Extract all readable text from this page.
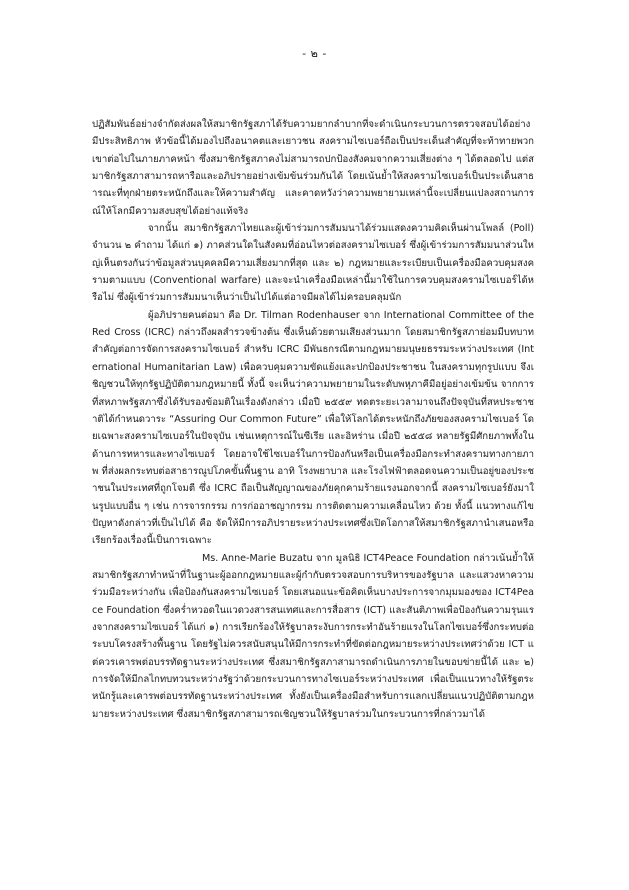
- ๒ -

ปฏิสัมพันธ์อย่างจำกัดส่งผลให้สมาชิกรัฐสภาได้รับความยากลำบากที่จะดำเนินกระบวนการตรวจสอบได้อย่างมีประสิทธิภาพ หัวข้อนี้ได้มองไปถึงอนาคตและเยาวชน สงครามไซเบอร์ถือเป็นประเด็นสำคัญที่จะท้าทายพวกเขาต่อไปในภายภาคหน้า ซึ่งสมาชิกรัฐสภาคงไม่สามารถปกป้องสังคมจากความเสี่ยงต่าง ๆ ได้ตลอดไป แต่สมาชิกรัฐสภาสามารถหารือและอภิปรายอย่างเข้มข้นร่วมกันได้ โดยเน้นย้ำให้สงครามไซเบอร์เป็นประเด็นสาธารณะที่ทุกฝ่ายตระหนักถึงและให้ความสำคัญ และคาดหวังว่าความพยายามเหล่านี้จะเปลี่ยนแปลงสถานการณ์ให้โลกมีความสงบสุขได้อย่างแท้จริง

จากนั้น สมาชิกรัฐสภาไทยและผู้เข้าร่วมการสัมมนาได้ร่วมแสดงความคิดเห็นผ่านโพลล์ (Poll) จำนวน ๒ คำถาม ได้แก่ ๑) ภาคส่วนใดในสังคมที่อ่อนไหวต่อสงครามไซเบอร์ ซึ่งผู้เข้าร่วมการสัมมนาส่วนใหญ่เห็นตรงกันว่าข้อมูลส่วนบุคคลมีความเสี่ยงมากที่สุด และ ๒) กฎหมายและระเบียบเป็นเครื่องมือควบคุมสงครามตามแบบ (Conventional warfare) และจะนำเครื่องมือเหล่านี้มาใช้ในการควบคุมสงครามไซเบอร์ได้หรือไม่ ซึ่งผู้เข้าร่วมการสัมมนาเห็นว่าเป็นไปได้แต่อาจมีผลได้ไม่ครอบคลุมนัก

ผู้อภิปรายคนต่อมา คือ Dr. Tilman Rodenhauser จาก International Committee of the Red Cross (ICRC) กล่าวถึงผลสำรวจข้างต้น ซึ่งเห็นด้วยตามเสียงส่วนมาก โดยสมาชิกรัฐสภาย่อมมีบทบาทสำคัญต่อการจัดการสงครามไซเบอร์ สำหรับ ICRC มีพันธกรณีตามกฎหมายมนุษยธรรมระหว่างประเทศ (International Humanitarian Law) เพื่อควบคุมความขัดแย้งและปกป้องประชาชน ในสงครามทุกรูปแบบ จึงเชิญชวนให้ทุกรัฐปฏิบัติตามกฎหมายนี้ ทั้งนี้ จะเห็นว่าความพยายามในระดับพหุภาคีมีอยู่อย่างเข้มข้น จากการที่สหภาพรัฐสภาซึ่งได้รับรองข้อมติในเรื่องดังกล่าว เมื่อปี ๒๕๕๙ ทดตระยะเวลามาจนถึงปัจจุบันที่สหประชาชาติได้กำหนดวาระ “Assuring Our Common Future” เพื่อให้โลกได้ตระหนักถึงภัยของสงครามไซเบอร์ โดยเฉพาะสงครามไซเบอร์ในปัจจุบัน เช่นเหตุการณ์ในซีเรีย และอิหร่าน เมื่อปี ๒๕๕๘ หลายรัฐมีศักยภาพทั้งในด้านการทหารและทางไซเบอร์ โดยอาจใช้ไซเบอร์ในการป้องกันหรือเป็นเครื่องมือกระทำสงครามทางกายภาพ ที่ส่งผลกระทบต่อสาธารณูปโภคขั้นพื้นฐาน อาทิ โรงพยาบาล และโรงไฟฟ้าตลอดจนความเป็นอยู่ของประชาชนในประเทศที่ถูกโจมตี ซึ่ง ICRC ถือเป็นสัญญาณของภัยคุกคามร้ายแรงนอกจากนี้ สงครามไซเบอร์ยังมาในรูปแบบอื่น ๆ เช่น การจารกรรม การก่ออาชญากรรม การติดตามความเคลื่อนไหว ด้วย ทั้งนี้ แนวทางแก้ไขปัญหาดังกล่าวที่เป็นไปได้ คือ จัดให้มีการอภิปรายระหว่างประเทศซึ่งเปิดโอกาสให้สมาชิกรัฐสภานำเสนอหรือเรียกร้องเรื่องนี้เป็นการเฉพาะ

Ms. Anne-Marie Buzatu จาก มูลนิธิ ICT4Peace Foundation กล่าวเน้นย้ำให้สมาชิกรัฐสภาทำหน้าที่ในฐานะผู้ออกกฎหมายและผู้กำกับตรวจสอบการบริหารของรัฐบาล และแสวงหาความร่วมมือระหว่างกัน เพื่อป้องกันสงครามไซเบอร์ โดยเสนอแนะข้อคิดเห็นบางประการจากมุมมองของ ICT4Peace Foundation ซึ่งคร่ำหวอดในแวดวงสารสนเทศและการสื่อสาร (ICT) และสันติภาพเพื่อป้องกันความรุนแรงจากสงครามไซเบอร์ ได้แก่ ๑) การเรียกร้องให้รัฐบาลระงับการกระทำอันร้ายแรงในโลกไซเบอร์ซึ่งกระทบต่อระบบโครงสร้างพื้นฐาน โดยรัฐไม่ควรสนับสนุนให้มีการกระทำที่ขัดต่อกฎหมายระหว่างประเทศว่าด้วย ICT แต่ควรเคารพต่อบรรทัดฐานระหว่างประเทศ ซึ่งสมาชิกรัฐสภาสามารถดำเนินการภายในขอบข่ายนี้ได้ และ ๒) การจัดให้มีกลไกทบทวนระหว่างรัฐว่าด้วยกระบวนการทางไซเบอร์ระหว่างประเทศ เพื่อเป็นแนวทางให้รัฐตระหนักรู้และเคารพต่อบรรทัดฐานระหว่างประเทศ ทั้งยังเป็นเครื่องมือสำหรับการแลกเปลี่ยนแนวปฏิบัติตามกฎหมายระหว่างประเทศ ซึ่งสมาชิกรัฐสภาสามารถเชิญชวนให้รัฐบาลร่วมในกระบวนการที่กล่าวมาได้
